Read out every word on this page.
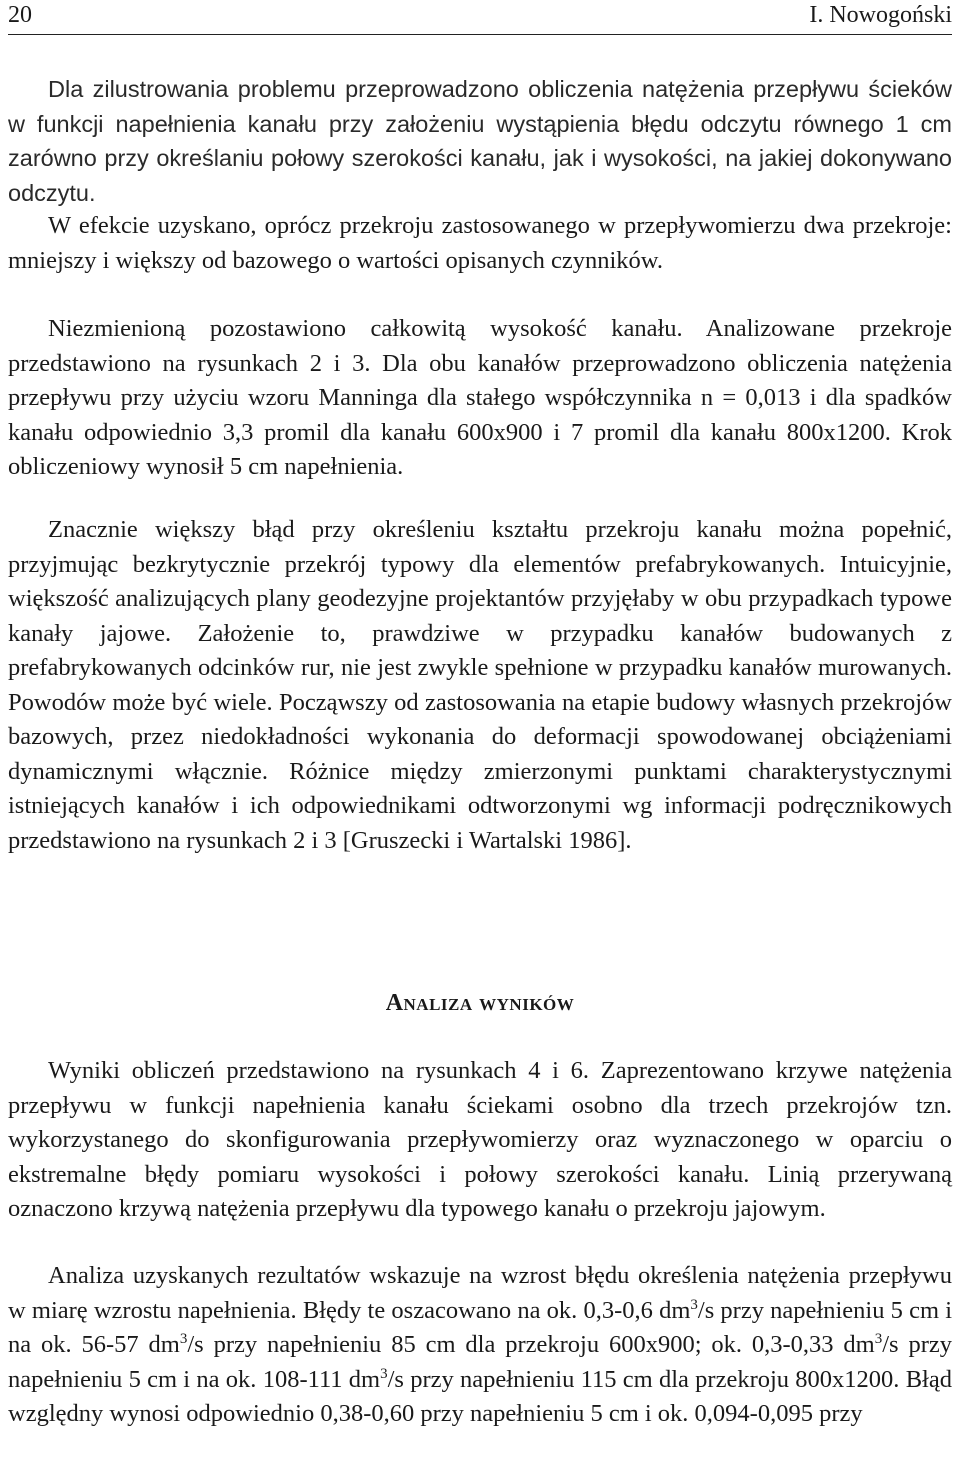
20	I. Nowogoński

Dla zilustrowania problemu przeprowadzono obliczenia natężenia przepływu ścieków w funkcji napełnienia kanału przy założeniu wystąpienia błędu odczytu równego 1 cm zarówno przy określaniu połowy szerokości kanału, jak i wysokości, na jakiej dokonywano odczytu.

W efekcie uzyskano, oprócz przekroju zastosowanego w przepływomierzu dwa przekroje: mniejszy i większy od bazowego o wartości opisanych czynników.

Niezmienioną pozostawiono całkowitą wysokość kanału. Analizowane przekroje przedstawiono na rysunkach 2 i 3. Dla obu kanałów przeprowadzono obliczenia natężenia przepływu przy użyciu wzoru Manninga dla stałego współczynnika n = 0,013 i dla spadków kanału odpowiednio 3,3 promil dla kanału 600x900 i 7 promil dla kanału 800x1200. Krok obliczeniowy wynosił 5 cm napełnienia.

Znacznie większy błąd przy określeniu kształtu przekroju kanału można popełnić, przyjmując bezkrytycznie przekrój typowy dla elementów prefabrykowanych. Intuicyjnie, większość analizujących plany geodezyjne projektantów przyjęłaby w obu przypadkach typowe kanały jajowe. Założenie to, prawdziwe w przypadku kanałów budowanych z prefabrykowanych odcinków rur, nie jest zwykle spełnione w przypadku kanałów murowanych. Powodów może być wiele. Począwszy od zastosowania na etapie budowy własnych przekrojów bazowych, przez niedokładności wykonania do deformacji spowodowanej obciążeniami dynamicznymi włącznie. Różnice między zmierzonymi punktami charakterystycznymi istniejących kanałów i ich odpowiednikami odtworzonymi wg informacji podręcznikowych przedstawiono na rysunkach 2 i 3 [Gruszecki i Wartalski 1986].

Analiza wyników

Wyniki obliczeń przedstawiono na rysunkach 4 i 6. Zaprezentowano krzywe natężenia przepływu w funkcji napełnienia kanału ściekami osobno dla trzech przekrojów tzn. wykorzystanego do skonfigurowania przepływomierzy oraz wyznaczonego w oparciu o ekstremalne błędy pomiaru wysokości i połowy szerokości kanału. Linią przerywaną oznaczono krzywą natężenia przepływu dla typowego kanału o przekroju jajowym.

Analiza uzyskanych rezultatów wskazuje na wzrost błędu określenia natężenia przepływu w miarę wzrostu napełnienia. Błędy te oszacowano na ok. 0,3-0,6 $dm^3/s$ przy napełnieniu 5 cm i na ok. 56-57 $dm^3/s$ przy napełnieniu 85 cm dla przekroju 600x900; ok. 0,3-0,33 $dm^3/s$ przy napełnieniu 5 cm i na ok. 108-111 $dm^3/s$ przy napełnieniu 115 cm dla przekroju 800x1200. Błąd względny wynosi odpowiednio 0,38-0,60 przy napełnieniu 5 cm i ok. 0,094-0,095 przy
